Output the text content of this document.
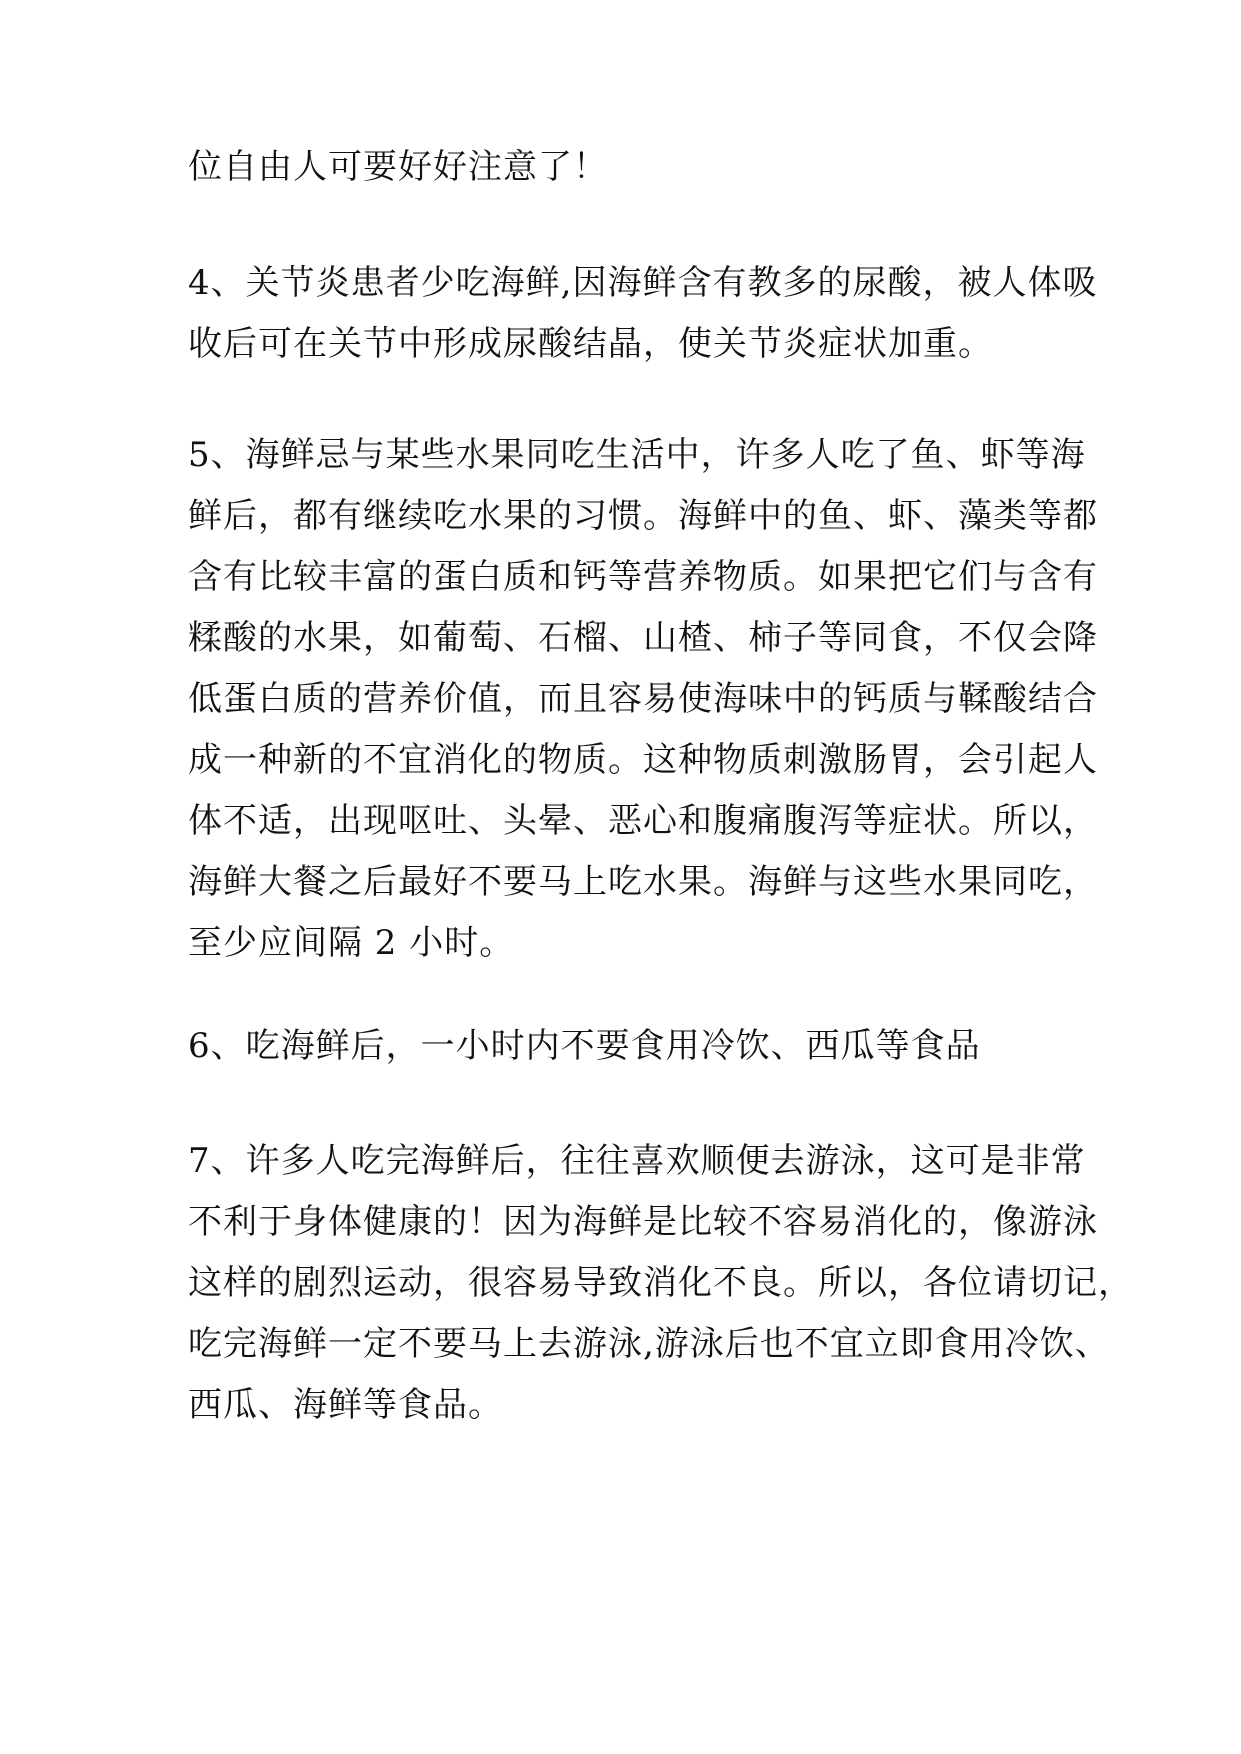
位自由人可要好好注意了！
4、关节炎患者少吃海鲜,因海鲜含有教多的尿酸，被人体吸
收后可在关节中形成尿酸结晶，使关节炎症状加重。
5、海鲜忌与某些水果同吃生活中，许多人吃了鱼、虾等海
鲜后，都有继续吃水果的习惯。海鲜中的鱼、虾、藻类等都
含有比较丰富的蛋白质和钙等营养物质。如果把它们与含有
糅酸的水果，如葡萄、石榴、山楂、柿子等同食，不仅会降
低蛋白质的营养价值，而且容易使海味中的钙质与鞣酸结合
成一种新的不宜消化的物质。这种物质刺激肠胃，会引起人
体不适，出现呕吐、头晕、恶心和腹痛腹泻等症状。所以，
海鲜大餐之后最好不要马上吃水果。海鲜与这些水果同吃，
至少应间隔 2 小时。
6、吃海鲜后，一小时内不要食用冷饮、西瓜等食品
7、许多人吃完海鲜后，往往喜欢顺便去游泳，这可是非常
不利于身体健康的！因为海鲜是比较不容易消化的，像游泳
这样的剧烈运动，很容易导致消化不良。所以，各位请切记，
吃完海鲜一定不要马上去游泳,游泳后也不宜立即食用冷饮、
西瓜、海鲜等食品。
